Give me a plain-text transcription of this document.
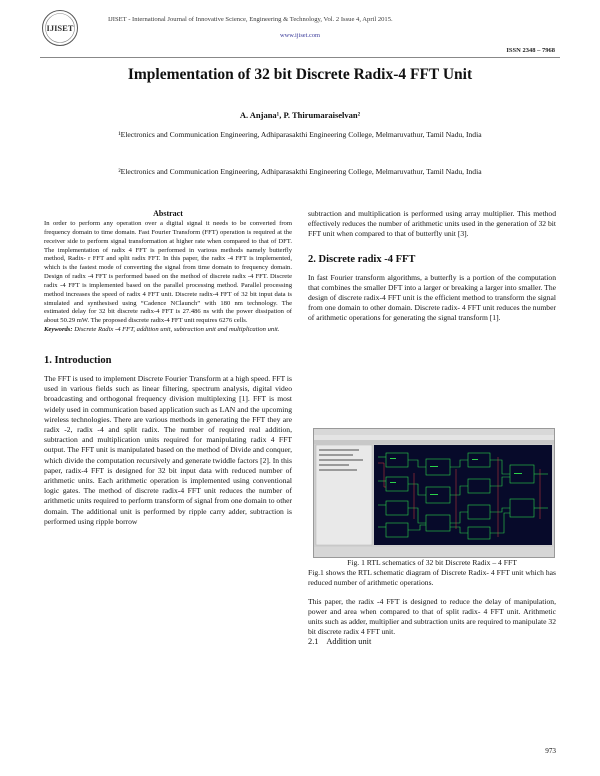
IJISET
IJISET - International Journal of Innovative Science, Engineering & Technology, Vol. 2 Issue 4, April 2015.
www.ijiset.com
ISSN 2348 – 7968
Implementation of 32 bit Discrete Radix-4 FFT Unit
A. Anjana¹, P. Thirumaraiselvan²
¹Electronics and Communication Engineering, Adhiparasakthi Engineering College, Melmaruvathur, Tamil Nadu, India
²Electronics and Communication Engineering, Adhiparasakthi Engineering College, Melmaruvathur, Tamil Nadu, India
Abstract

In order to perform any operation over a digital signal it needs to be converted from frequency domain to time domain. Fast Fourier Transform (FFT) operation is required at the receiver side to perform signal transformation at higher rate when compared to that of DFT. The implementation of radix 4 FFT is performed in various methods namely butterfly method, Radix- r FFT and split radix FFT. In this paper, the radix -4 FFT is implemented, which is the fastest mode of converting the signal from time domain to frequency domain. Design of radix -4 FFT is performed based on the method of discrete radix -4 FFT. Discrete radix -4 FFT is implemented based on the parallel processing method. Parallel processing method increases the speed of radix 4 FFT unit. Discrete radix-4 FFT of 32 bit input data is simulated and synthesised using “Cadence NClaunch” with 180 nm technology. The estimated delay for 32 bit discrete radix-4 FFT is 27.486 ns with the power dissipation of about 50.29 mW. The proposed discrete radix-4 FFT unit requires 6276 cells.

Keywords: Discrete Radix -4 FFT, addition unit, subtraction unit and multiplication unit.

1. Introduction

The FFT is used to implement Discrete Fourier Transform at a high speed. FFT is used in various fields such as linear filtering, spectrum analysis, digital video broadcasting and orthogonal frequency division multiplexing [1]. FFT is most widely used in communication based application such as LAN and the upcoming wireless technologies. There are various methods in generating the FFT they are radix -2, radix -4 and split radix. The number of required real addition, subtraction and multiplication units required for manipulating radix 4 FFT output. The FFT unit is manipulated based on the method of Divide and conquer, which divide the computation recursively and generate twiddle factors [2]. In this paper, radix-4 FFT is designed for 32 bit input data with reduced number of arithmetic units. Each arithmetic operation is implemented using conventional logic gates. The method of discrete radix-4 FFT unit reduces the number of arithmetic units required to perform transform of signal from one domain to other domain. The additional unit is performed by ripple carry adder, subtraction is performed using ripple borrow

subtraction and multiplication is performed using array multiplier. This method effectively reduces the number of arithmetic units used in the generation of 32 bit FFT unit when compared to that of butterfly unit [3].

2. Discrete radix -4 FFT

In fast Fourier transform algorithms, a butterfly is a portion of the computation that combines the smaller DFT into a larger or breaking a larger into smaller. The design of discrete radix-4 FFT unit is the efficient method to transform the signal from one domain to other domain. Discrete radix- 4 FFT unit reduces the number of arithmetic operations for generating the signal transform [1].

Fig. 1 RTL schematics of 32 bit Discrete Radix – 4 FFT

Fig.1 shows the RTL schematic diagram of Discrete Radix- 4 FFT unit which has reduced number of arithmetic operations.

This paper, the radix -4 FFT is designed to reduce the delay of manipulation, power and area when compared to that of split radix- 4 FFT unit. Arithmetic units such as adder, multiplier and subtraction units are required to manipulate 32 bit discrete radix 4 FFT unit.

2.1    Addition unit

973
